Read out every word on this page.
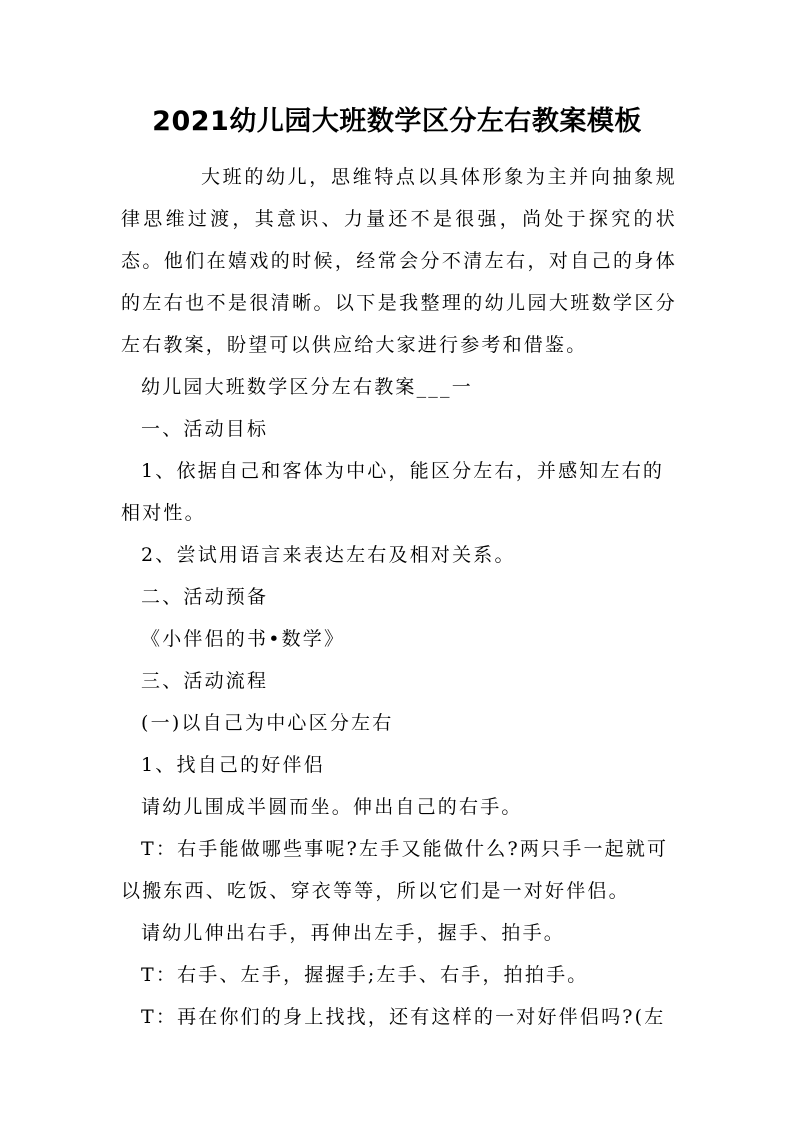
2021幼儿园大班数学区分左右教案模板

大班的幼儿，思维特点以具体形象为主并向抽象规律思维过渡，其意识、力量还不是很强，尚处于探究的状态。他们在嬉戏的时候，经常会分不清左右，对自己的身体的左右也不是很清晰。以下是我整理的幼儿园大班数学区分左右教案，盼望可以供应给大家进行参考和借鉴。

幼儿园大班数学区分左右教案___一

一、活动目标

1、依据自己和客体为中心，能区分左右，并感知左右的

相对性。

2、尝试用语言来表达左右及相对关系。

二、活动预备

《小伴侣的书•数学》

三、活动流程

(一)以自己为中心区分左右

1、找自己的好伴侣

请幼儿围成半圆而坐。伸出自己的右手。

T：右手能做哪些事呢?左手又能做什么?两只手一起就可

以搬东西、吃饭、穿衣等等，所以它们是一对好伴侣。

请幼儿伸出右手，再伸出左手，握手、拍手。

T：右手、左手，握握手;左手、右手，拍拍手。

T：再在你们的身上找找，还有这样的一对好伴侣吗?(左
